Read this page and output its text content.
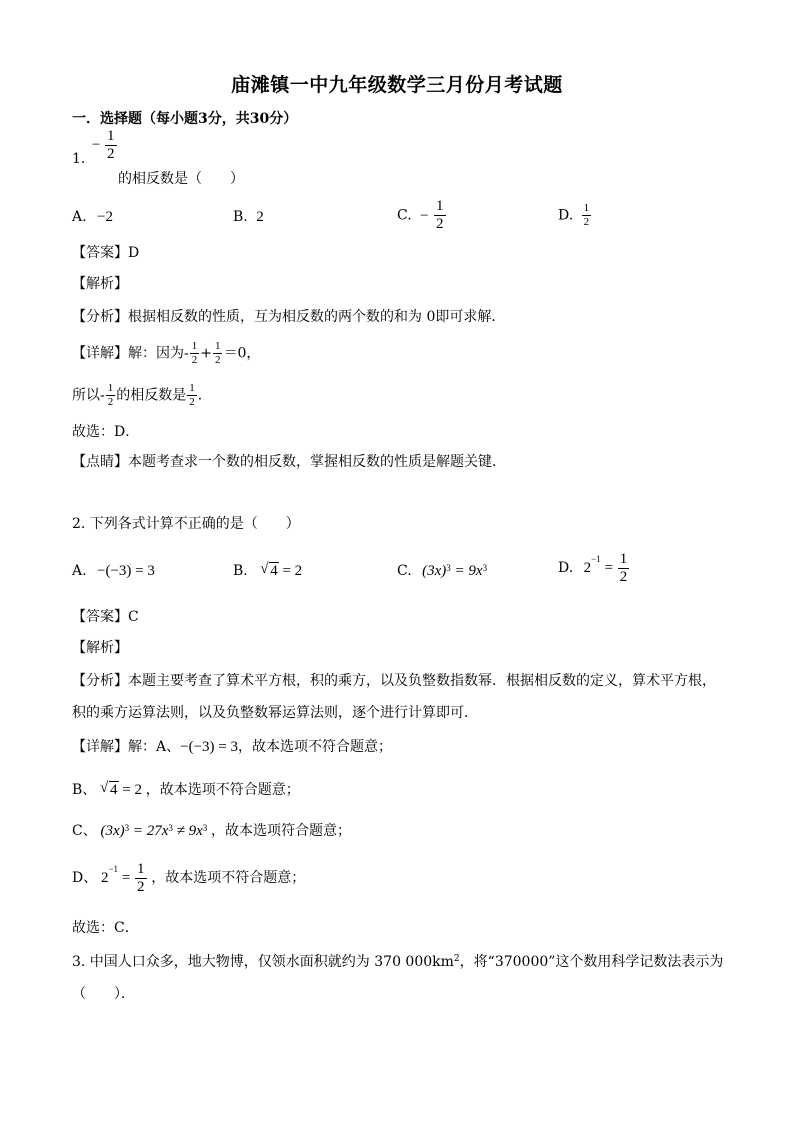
庙滩镇一中九年级数学三月份月考试题
一．选择题（每小题3分，共30分）
1. − $\frac{1}{2}$
的相反数是（　　）
A. −2	B. 2	C. − $\frac{1}{2}$	D. $\frac{1}{2}$
【答案】D
【解析】
【分析】根据相反数的性质，互为相反数的两个数的和为 0即可求解．
【详解】解：因为- $\frac{1}{2} + \frac{1}{2} =0$，
所以- $\frac{1}{2}$ 的相反数是 $\frac{1}{2}$ ．
故选：D．
【点睛】本题考查求一个数的相反数，掌握相反数的性质是解题关键．
2. 下列各式计算不正确的是（　　）
A. −(−3) = 3	B. √ 4 = 2	C. $(3x)^3 = 9x^3$	D. $2^{-1} = \frac{1}{2}$
【答案】C
【解析】
【分析】本题主要考查了算术平方根，积的乘方，以及负整数指数幂．根据相反数的定义，算术平方根，
积的乘方运算法则，以及负整数幂运算法则，逐个进行计算即可．
【详解】解：A、−(−3) = 3，故本选项不符合题意；
B、 √ 4 = 2 ，故本选项不符合题意；
C、 $(3x)^3 = 27x^3 \ne 9x^3$ ，故本选项符合题意；
D、 $2^{-1} = \frac{1}{2}$ ，故本选项不符合题意；
故选：C．
3. 中国人口众多，地大物博，仅领水面积就约为 370 $000km^2$，将“370000”这个数用科学记数法表示为
（　　）．
